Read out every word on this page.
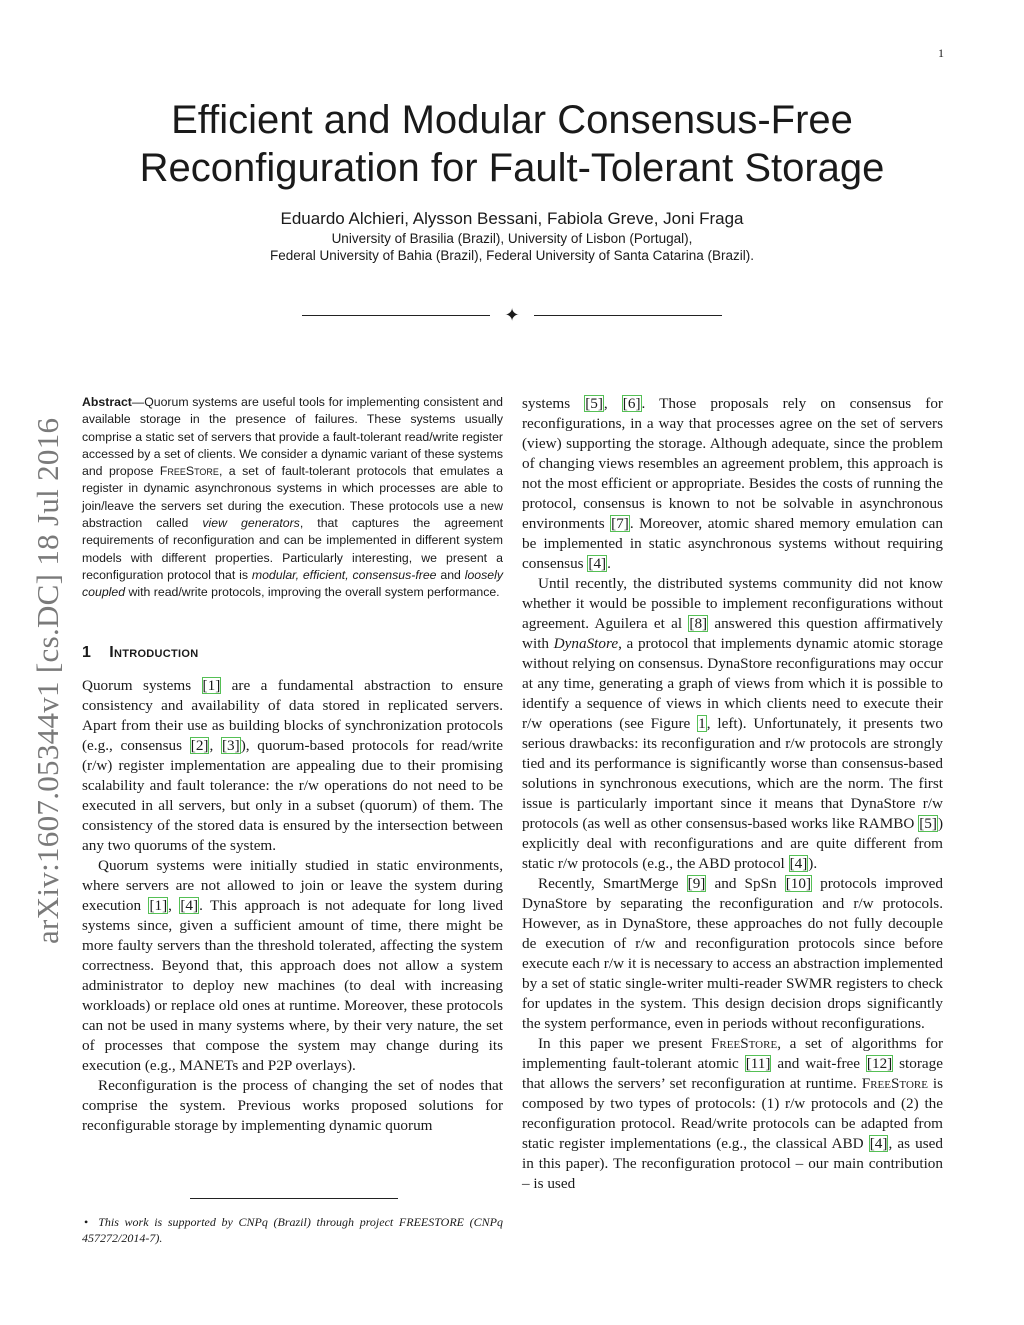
1
Efficient and Modular Consensus-Free
Reconfiguration for Fault-Tolerant Storage
Eduardo Alchieri, Alysson Bessani, Fabiola Greve, Joni Fraga
University of Brasilia (Brazil), University of Lisbon (Portugal),
Federal University of Bahia (Brazil), Federal University of Santa Catarina (Brazil).
✦
arXiv:1607.05344v1 [cs.DC] 18 Jul 2016

Abstract—Quorum systems are useful tools for implementing consistent and available storage in the presence of failures. These systems usually comprise a static set of servers that provide a fault-tolerant read/write register accessed by a set of clients. We consider a dynamic variant of these systems and propose FreeStore, a set of fault-tolerant protocols that emulates a register in dynamic asynchronous systems in which processes are able to join/leave the servers set during the execution. These protocols use a new abstraction called view generators, that captures the agreement requirements of reconfiguration and can be implemented in different system models with different properties. Particularly interesting, we present a reconfiguration protocol that is modular, efficient, consensus-free and loosely coupled with read/write protocols, improving the overall system performance.

1 Introduction

Quorum systems [1] are a fundamental abstraction to ensure consistency and availability of data stored in replicated servers. Apart from their use as building blocks of synchronization protocols (e.g., consensus [2], [3]), quorum-based protocols for read/write (r/w) register implementation are appealing due to their promising scalability and fault tolerance: the r/w operations do not need to be executed in all servers, but only in a subset (quorum) of them. The consistency of the stored data is ensured by the intersection between any two quorums of the system.

Quorum systems were initially studied in static environments, where servers are not allowed to join or leave the system during execution [1], [4]. This approach is not adequate for long lived systems since, given a sufficient amount of time, there might be more faulty servers than the threshold tolerated, affecting the system correctness. Beyond that, this approach does not allow a system administrator to deploy new machines (to deal with increasing workloads) or replace old ones at runtime. Moreover, these protocols can not be used in many systems where, by their very nature, the set of processes that compose the system may change during its execution (e.g., MANETs and P2P overlays).

Reconfiguration is the process of changing the set of nodes that comprise the system. Previous works proposed solutions for reconfigurable storage by implementing dynamic quorum

• This work is supported by CNPq (Brazil) through project FREESTORE (CNPq 457272/2014-7).

systems [5], [6]. Those proposals rely on consensus for reconfigurations, in a way that processes agree on the set of servers (view) supporting the storage. Although adequate, since the problem of changing views resembles an agreement problem, this approach is not the most efficient or appropriate. Besides the costs of running the protocol, consensus is known to not be solvable in asynchronous environments [7]. Moreover, atomic shared memory emulation can be implemented in static asynchronous systems without requiring consensus [4].

Until recently, the distributed systems community did not know whether it would be possible to implement reconfigurations without agreement. Aguilera et al [8] answered this question affirmatively with DynaStore, a protocol that implements dynamic atomic storage without relying on consensus. DynaStore reconfigurations may occur at any time, generating a graph of views from which it is possible to identify a sequence of views in which clients need to execute their r/w operations (see Figure 1, left). Unfortunately, it presents two serious drawbacks: its reconfiguration and r/w protocols are strongly tied and its performance is significantly worse than consensus-based solutions in synchronous executions, which are the norm. The first issue is particularly important since it means that DynaStore r/w protocols (as well as other consensus-based works like RAMBO [5]) explicitly deal with reconfigurations and are quite different from static r/w protocols (e.g., the ABD protocol [4]).

Recently, SmartMerge [9] and SpSn [10] protocols improved DynaStore by separating the reconfiguration and r/w protocols. However, as in DynaStore, these approaches do not fully decouple de execution of r/w and reconfiguration protocols since before execute each r/w it is necessary to access an abstraction implemented by a set of static single-writer multi-reader SWMR registers to check for updates in the system. This design decision drops significantly the system performance, even in periods without reconfigurations.

In this paper we present FreeStore, a set of algorithms for implementing fault-tolerant atomic [11] and wait-free [12] storage that allows the servers’ set reconfiguration at runtime. FreeStore is composed by two types of protocols: (1) r/w protocols and (2) the reconfiguration protocol. Read/write protocols can be adapted from static register implementations (e.g., the classical ABD [4], as used in this paper). The reconfiguration protocol – our main contribution – is used
